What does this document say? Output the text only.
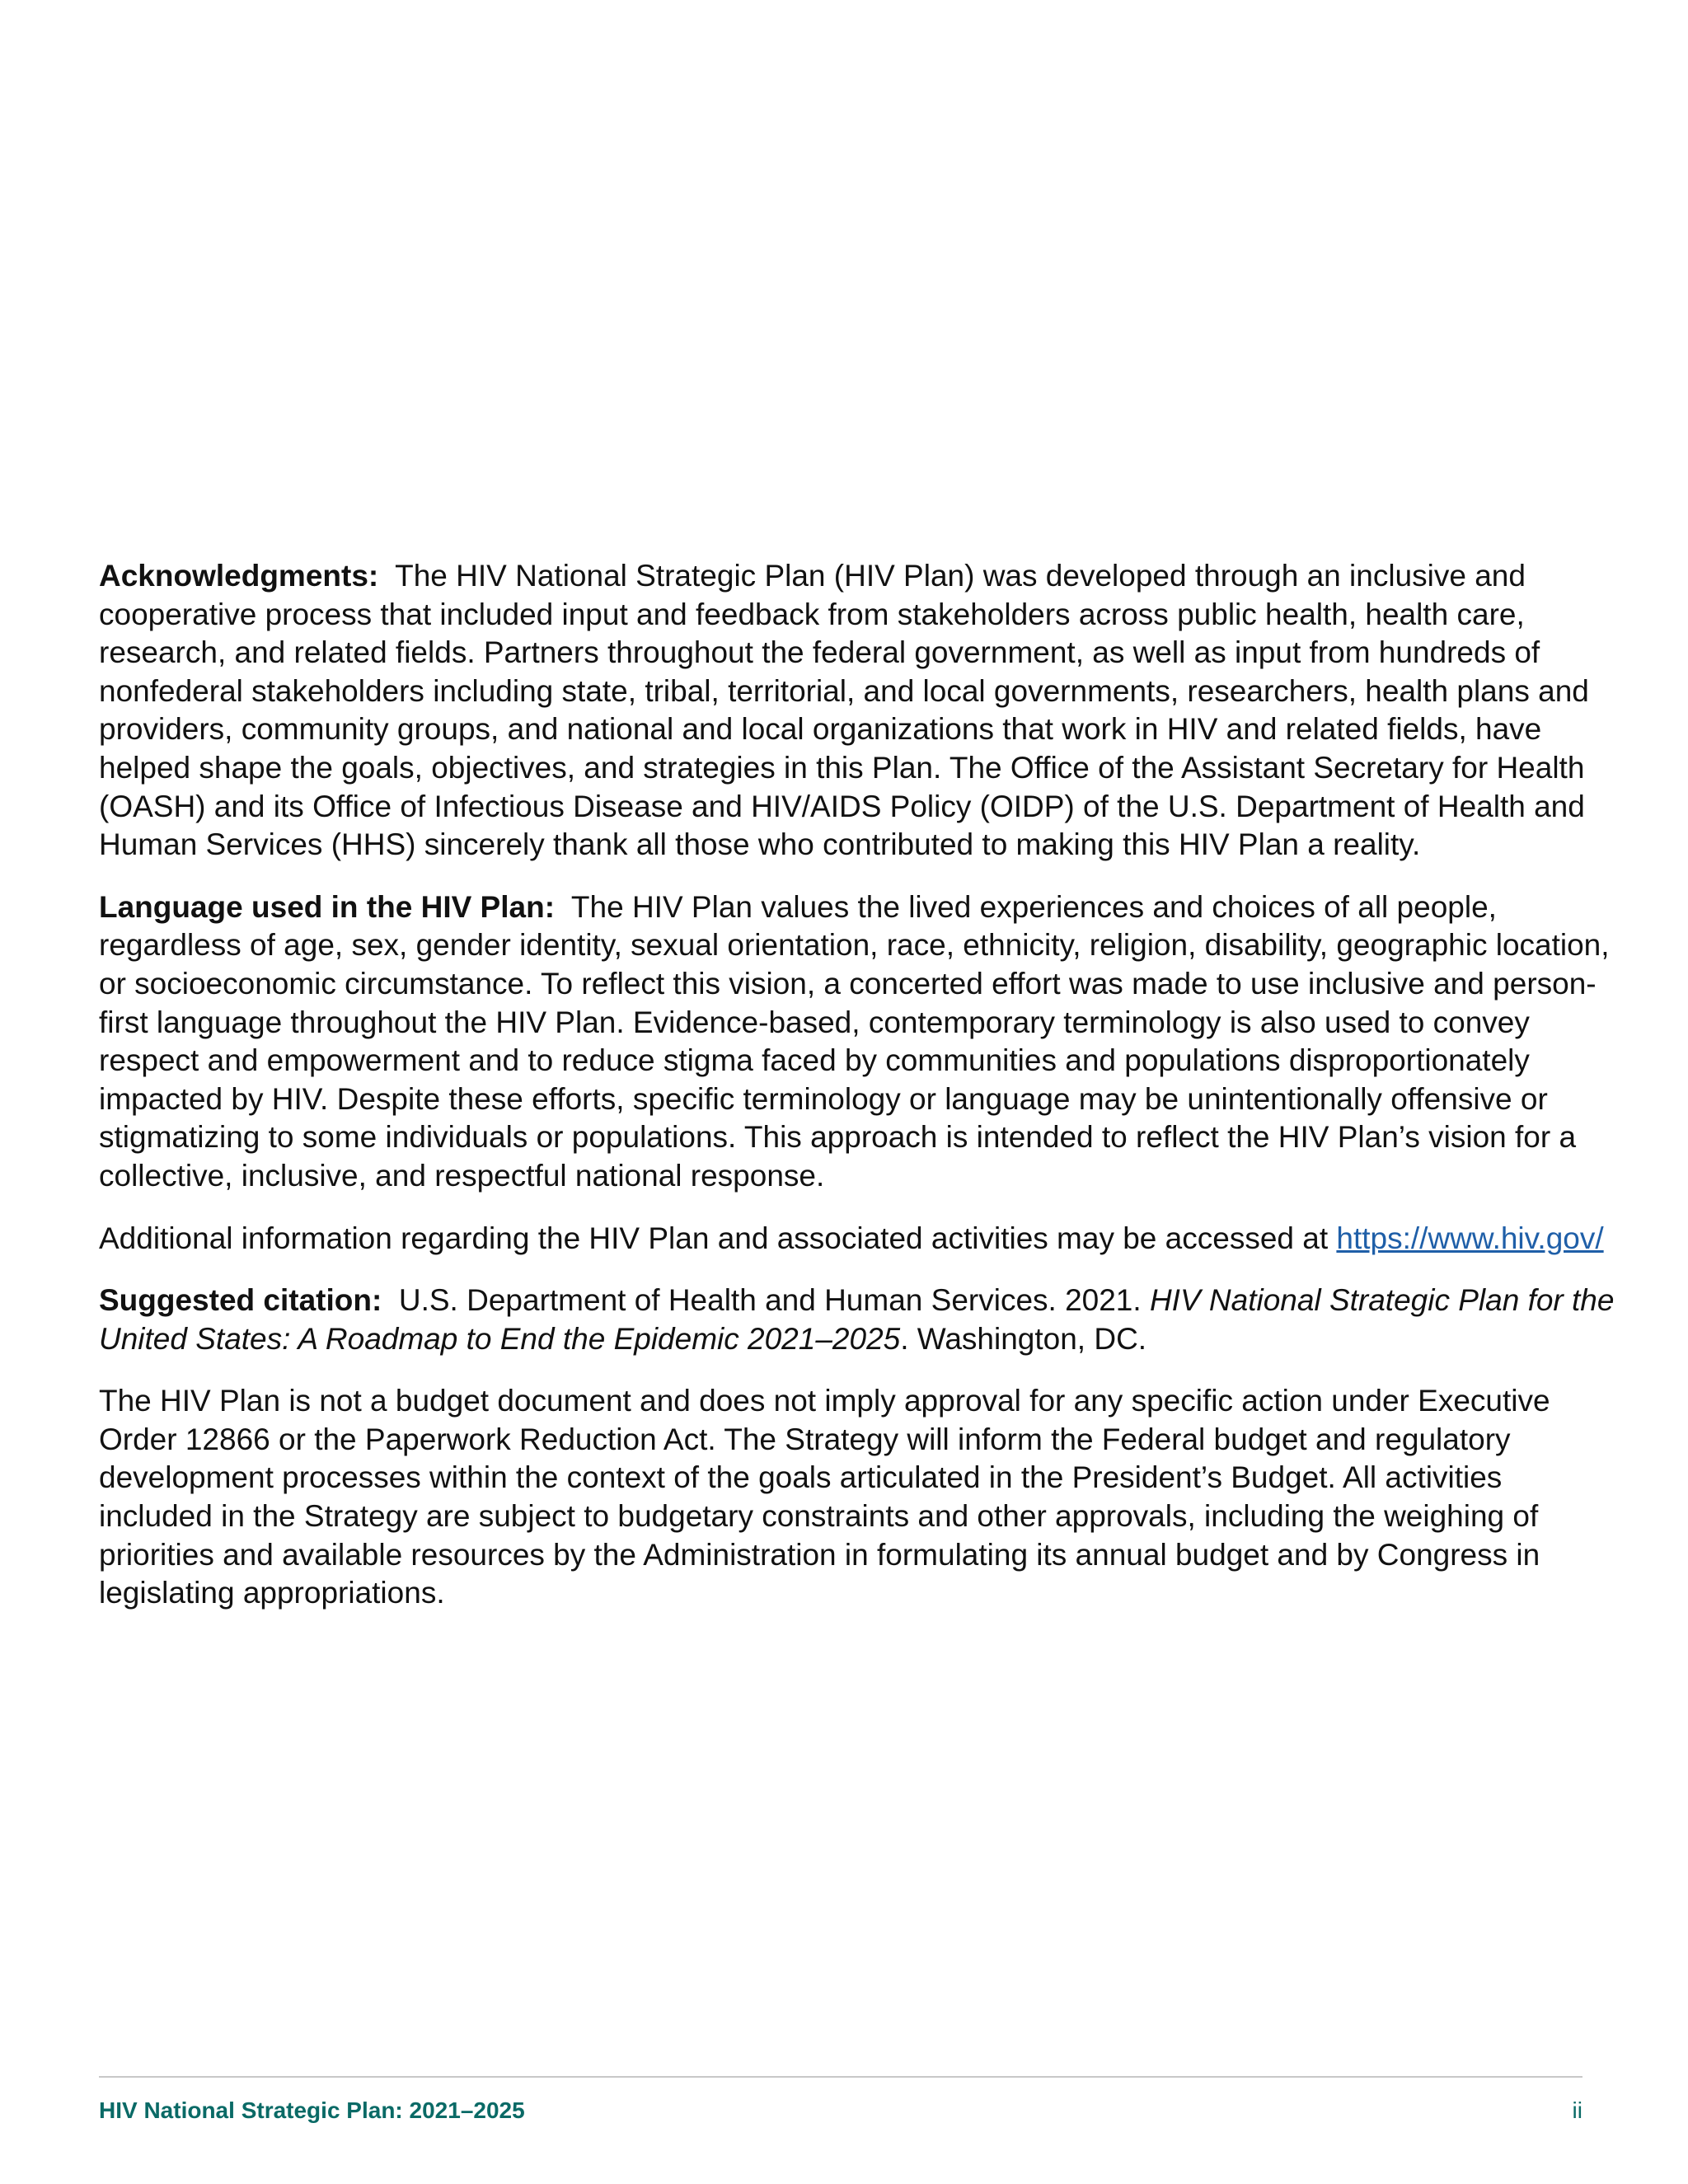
Acknowledgments: The HIV National Strategic Plan (HIV Plan) was developed through an inclusive and cooperative process that included input and feedback from stakeholders across public health, health care, research, and related fields. Partners throughout the federal government, as well as input from hundreds of nonfederal stakeholders including state, tribal, territorial, and local governments, researchers, health plans and providers, community groups, and national and local organizations that work in HIV and related fields, have helped shape the goals, objectives, and strategies in this Plan. The Office of the Assistant Secretary for Health (OASH) and its Office of Infectious Disease and HIV/AIDS Policy (OIDP) of the U.S. Department of Health and Human Services (HHS) sincerely thank all those who contributed to making this HIV Plan a reality.

Language used in the HIV Plan: The HIV Plan values the lived experiences and choices of all people, regardless of age, sex, gender identity, sexual orientation, race, ethnicity, religion, disability, geographic location, or socioeconomic circumstance. To reflect this vision, a concerted effort was made to use inclusive and person-first language throughout the HIV Plan. Evidence-based, contemporary terminology is also used to convey respect and empowerment and to reduce stigma faced by communities and populations disproportionately impacted by HIV. Despite these efforts, specific terminology or language may be unintentionally offensive or stigmatizing to some individuals or populations. This approach is intended to reflect the HIV Plan’s vision for a collective, inclusive, and respectful national response.

Additional information regarding the HIV Plan and associated activities may be accessed at https://www.hiv.gov/

Suggested citation: U.S. Department of Health and Human Services. 2021. HIV National Strategic Plan for the United States: A Roadmap to End the Epidemic 2021–2025. Washington, DC.

The HIV Plan is not a budget document and does not imply approval for any specific action under Executive Order 12866 or the Paperwork Reduction Act. The Strategy will inform the Federal budget and regulatory development processes within the context of the goals articulated in the President’s Budget. All activities included in the Strategy are subject to budgetary constraints and other approvals, including the weighing of priorities and available resources by the Administration in formulating its annual budget and by Congress in legislating appropriations.

HIV National Strategic Plan: 2021–2025	ii
